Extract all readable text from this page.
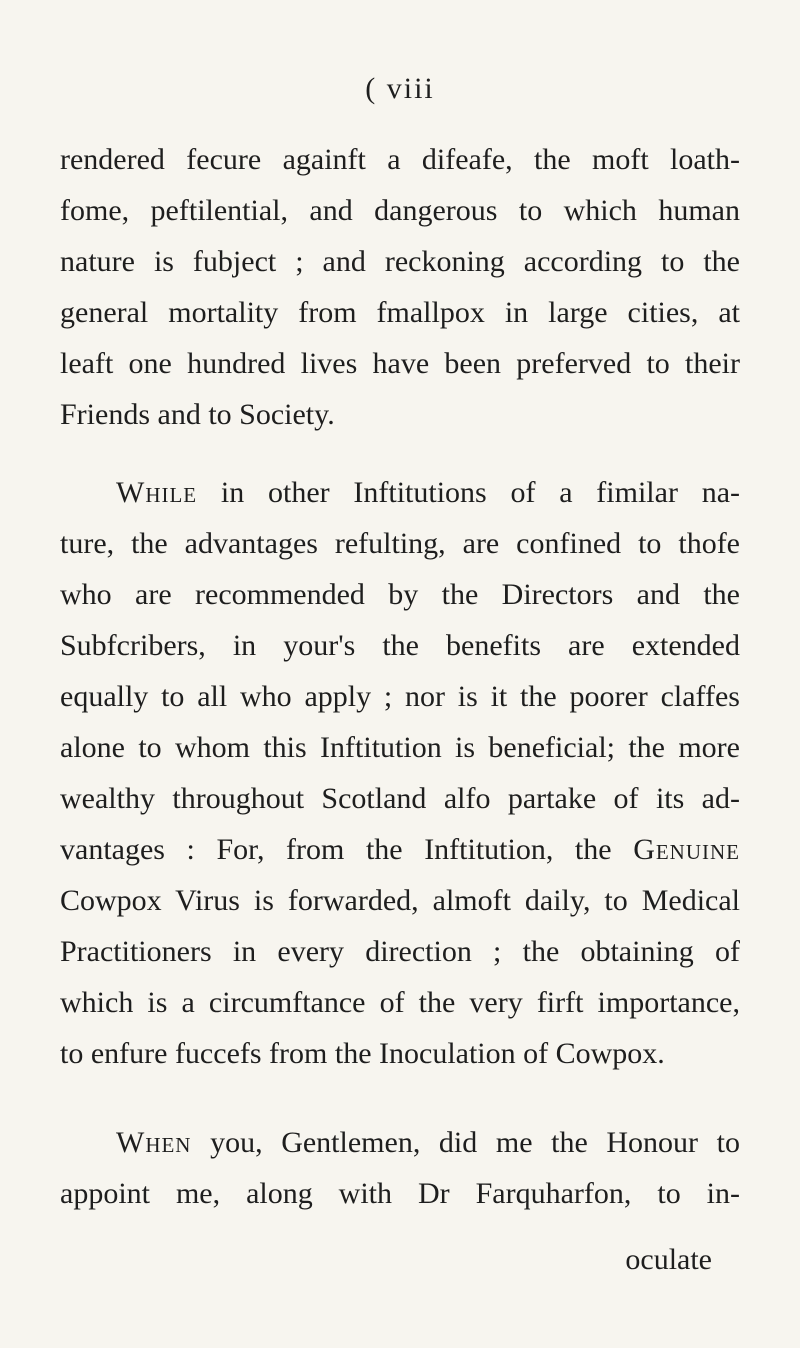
( viii
rendered fecure againft a difeafe, the moft loath-
fome, peftilential, and dangerous to which human
nature is fubject ; and reckoning according to the
general mortality from fmallpox in large cities, at
leaft one hundred lives have been preferved to their
Friends and to Society.
While in other Inftitutions of a fimilar na-
ture, the advantages refulting, are confined to thofe
who are recommended by the Directors and the
Subfcribers, in your's the benefits are extended
equally to all who apply ; nor is it the poorer claffes
alone to whom this Inftitution is beneficial; the more
wealthy throughout Scotland alfo partake of its ad-
vantages : For, from the Inftitution, the Genuine
Cowpox Virus is forwarded, almoft daily, to Medical
Practitioners in every direction ; the obtaining of
which is a circumftance of the very firft importance,
to enfure fuccefs from the Inoculation of Cowpox.
When you, Gentlemen, did me the Honour to
appoint me, along with Dr Farquharfon, to in-
oculate
